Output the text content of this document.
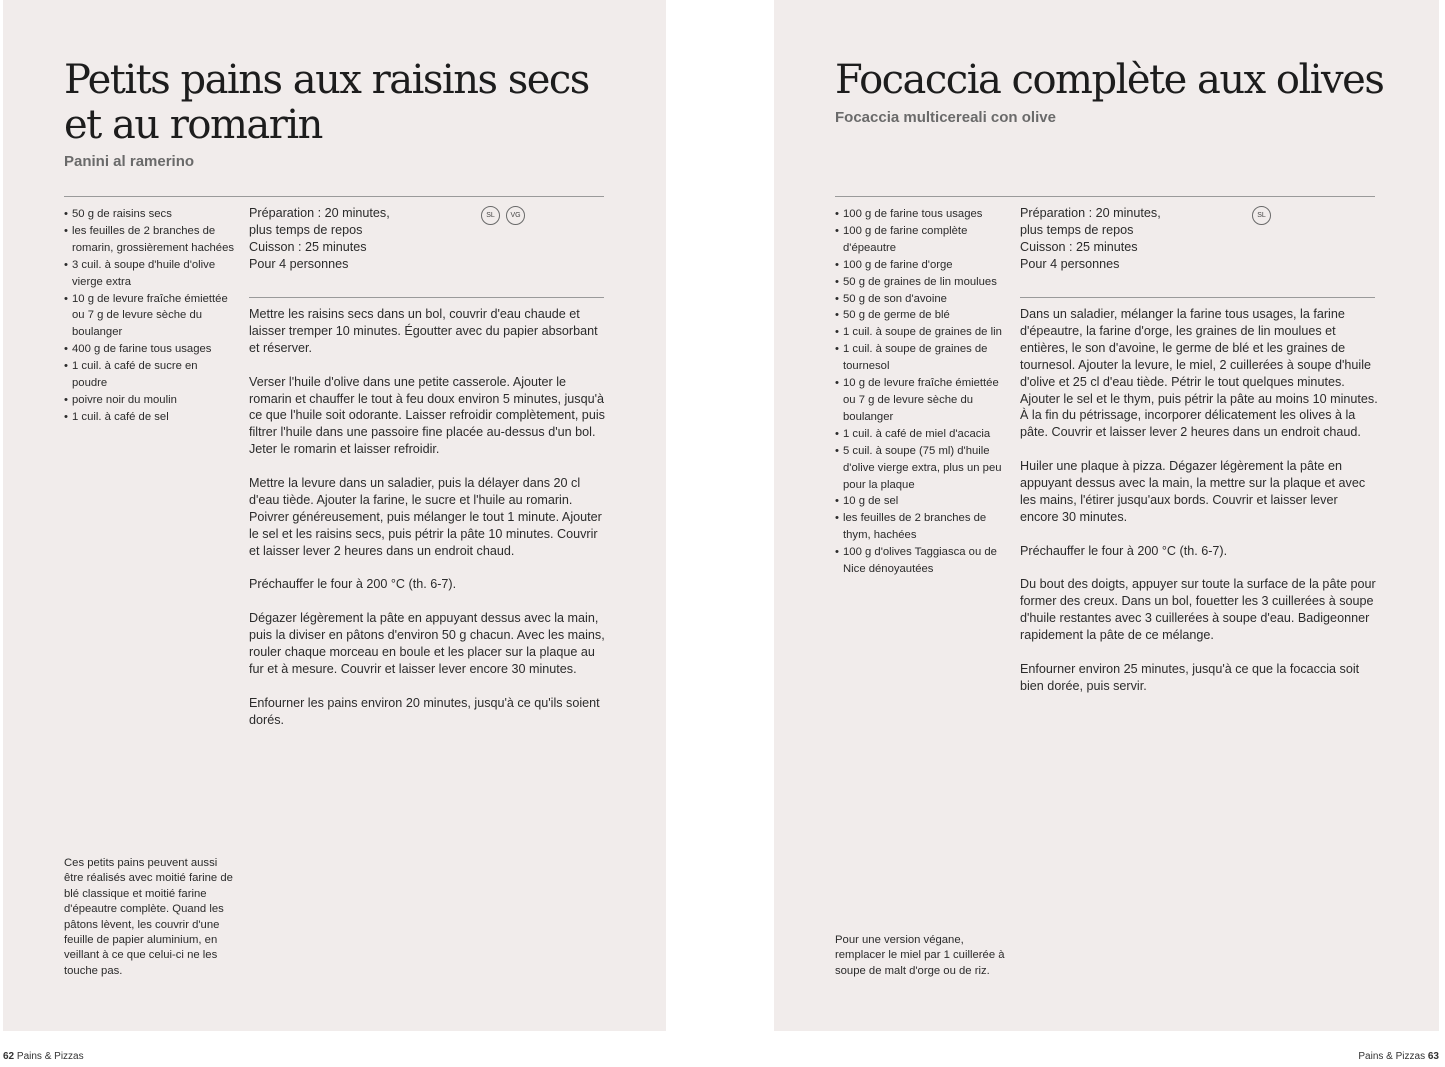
Petits pains aux raisins secs
et au romarin
Panini al ramerino
• 50 g de raisins secs
• les feuilles de 2 branches de romarin, grossièrement hachées
• 3 cuil. à soupe d'huile d'olive vierge extra
• 10 g de levure fraîche émiettée ou 7 g de levure sèche du boulanger
• 400 g de farine tous usages
• 1 cuil. à café de sucre en poudre
• poivre noir du moulin
• 1 cuil. à café de sel
Préparation : 20 minutes,
plus temps de repos
Cuisson : 25 minutes
Pour 4 personnes
SL	VG

Mettre les raisins secs dans un bol, couvrir d'eau chaude et laisser tremper 10 minutes. Égoutter avec du papier absorbant et réserver.

Verser l'huile d'olive dans une petite casserole. Ajouter le romarin et chauffer le tout à feu doux environ 5 minutes, jusqu'à ce que l'huile soit odorante. Laisser refroidir complètement, puis filtrer l'huile dans une passoire fine placée au-dessus d'un bol. Jeter le romarin et laisser refroidir.

Mettre la levure dans un saladier, puis la délayer dans 20 cl d'eau tiède. Ajouter la farine, le sucre et l'huile au romarin. Poivrer généreusement, puis mélanger le tout 1 minute. Ajouter le sel et les raisins secs, puis pétrir la pâte 10 minutes. Couvrir et laisser lever 2 heures dans un endroit chaud.

Préchauffer le four à 200 °C (th. 6-7).

Dégazer légèrement la pâte en appuyant dessus avec la main, puis la diviser en pâtons d'environ 50 g chacun. Avec les mains, rouler chaque morceau en boule et les placer sur la plaque au fur et à mesure. Couvrir et laisser lever encore 30 minutes.

Enfourner les pains environ 20 minutes, jusqu'à ce qu'ils soient dorés.

Ces petits pains peuvent aussi être réalisés avec moitié farine de blé classique et moitié farine d'épeautre complète. Quand les pâtons lèvent, les couvrir d'une feuille de papier aluminium, en veillant à ce que celui-ci ne les touche pas.
62 Pains & Pizzas
Focaccia complète aux olives
Focaccia multicereali con olive
• 100 g de farine tous usages
• 100 g de farine complète d'épeautre
• 100 g de farine d'orge
• 50 g de graines de lin moulues
• 50 g de son d'avoine
• 50 g de germe de blé
• 1 cuil. à soupe de graines de lin
• 1 cuil. à soupe de graines de tournesol
• 10 g de levure fraîche émiettée ou 7 g de levure sèche du boulanger
• 1 cuil. à café de miel d'acacia
• 5 cuil. à soupe (75 ml) d'huile d'olive vierge extra, plus un peu pour la plaque
• 10 g de sel
• les feuilles de 2 branches de thym, hachées
• 100 g d'olives Taggiasca ou de Nice dénoyautées
Préparation : 20 minutes,
plus temps de repos
Cuisson : 25 minutes
Pour 4 personnes
SL

Dans un saladier, mélanger la farine tous usages, la farine d'épeautre, la farine d'orge, les graines de lin moulues et entières, le son d'avoine, le germe de blé et les graines de tournesol. Ajouter la levure, le miel, 2 cuillerées à soupe d'huile d'olive et 25 cl d'eau tiède. Pétrir le tout quelques minutes. Ajouter le sel et le thym, puis pétrir la pâte au moins 10 minutes. À la fin du pétrissage, incorporer délicatement les olives à la pâte. Couvrir et laisser lever 2 heures dans un endroit chaud.

Huiler une plaque à pizza. Dégazer légèrement la pâte en appuyant dessus avec la main, la mettre sur la plaque et avec les mains, l'étirer jusqu'aux bords. Couvrir et laisser lever encore 30 minutes.

Préchauffer le four à 200 °C (th. 6-7).

Du bout des doigts, appuyer sur toute la surface de la pâte pour former des creux. Dans un bol, fouetter les 3 cuillerées à soupe d'huile restantes avec 3 cuillerées à soupe d'eau. Badigeonner rapidement la pâte de ce mélange.

Enfourner environ 25 minutes, jusqu'à ce que la focaccia soit bien dorée, puis servir.

Pour une version végane, remplacer le miel par 1 cuillerée à soupe de malt d'orge ou de riz.
Pains & Pizzas 63
